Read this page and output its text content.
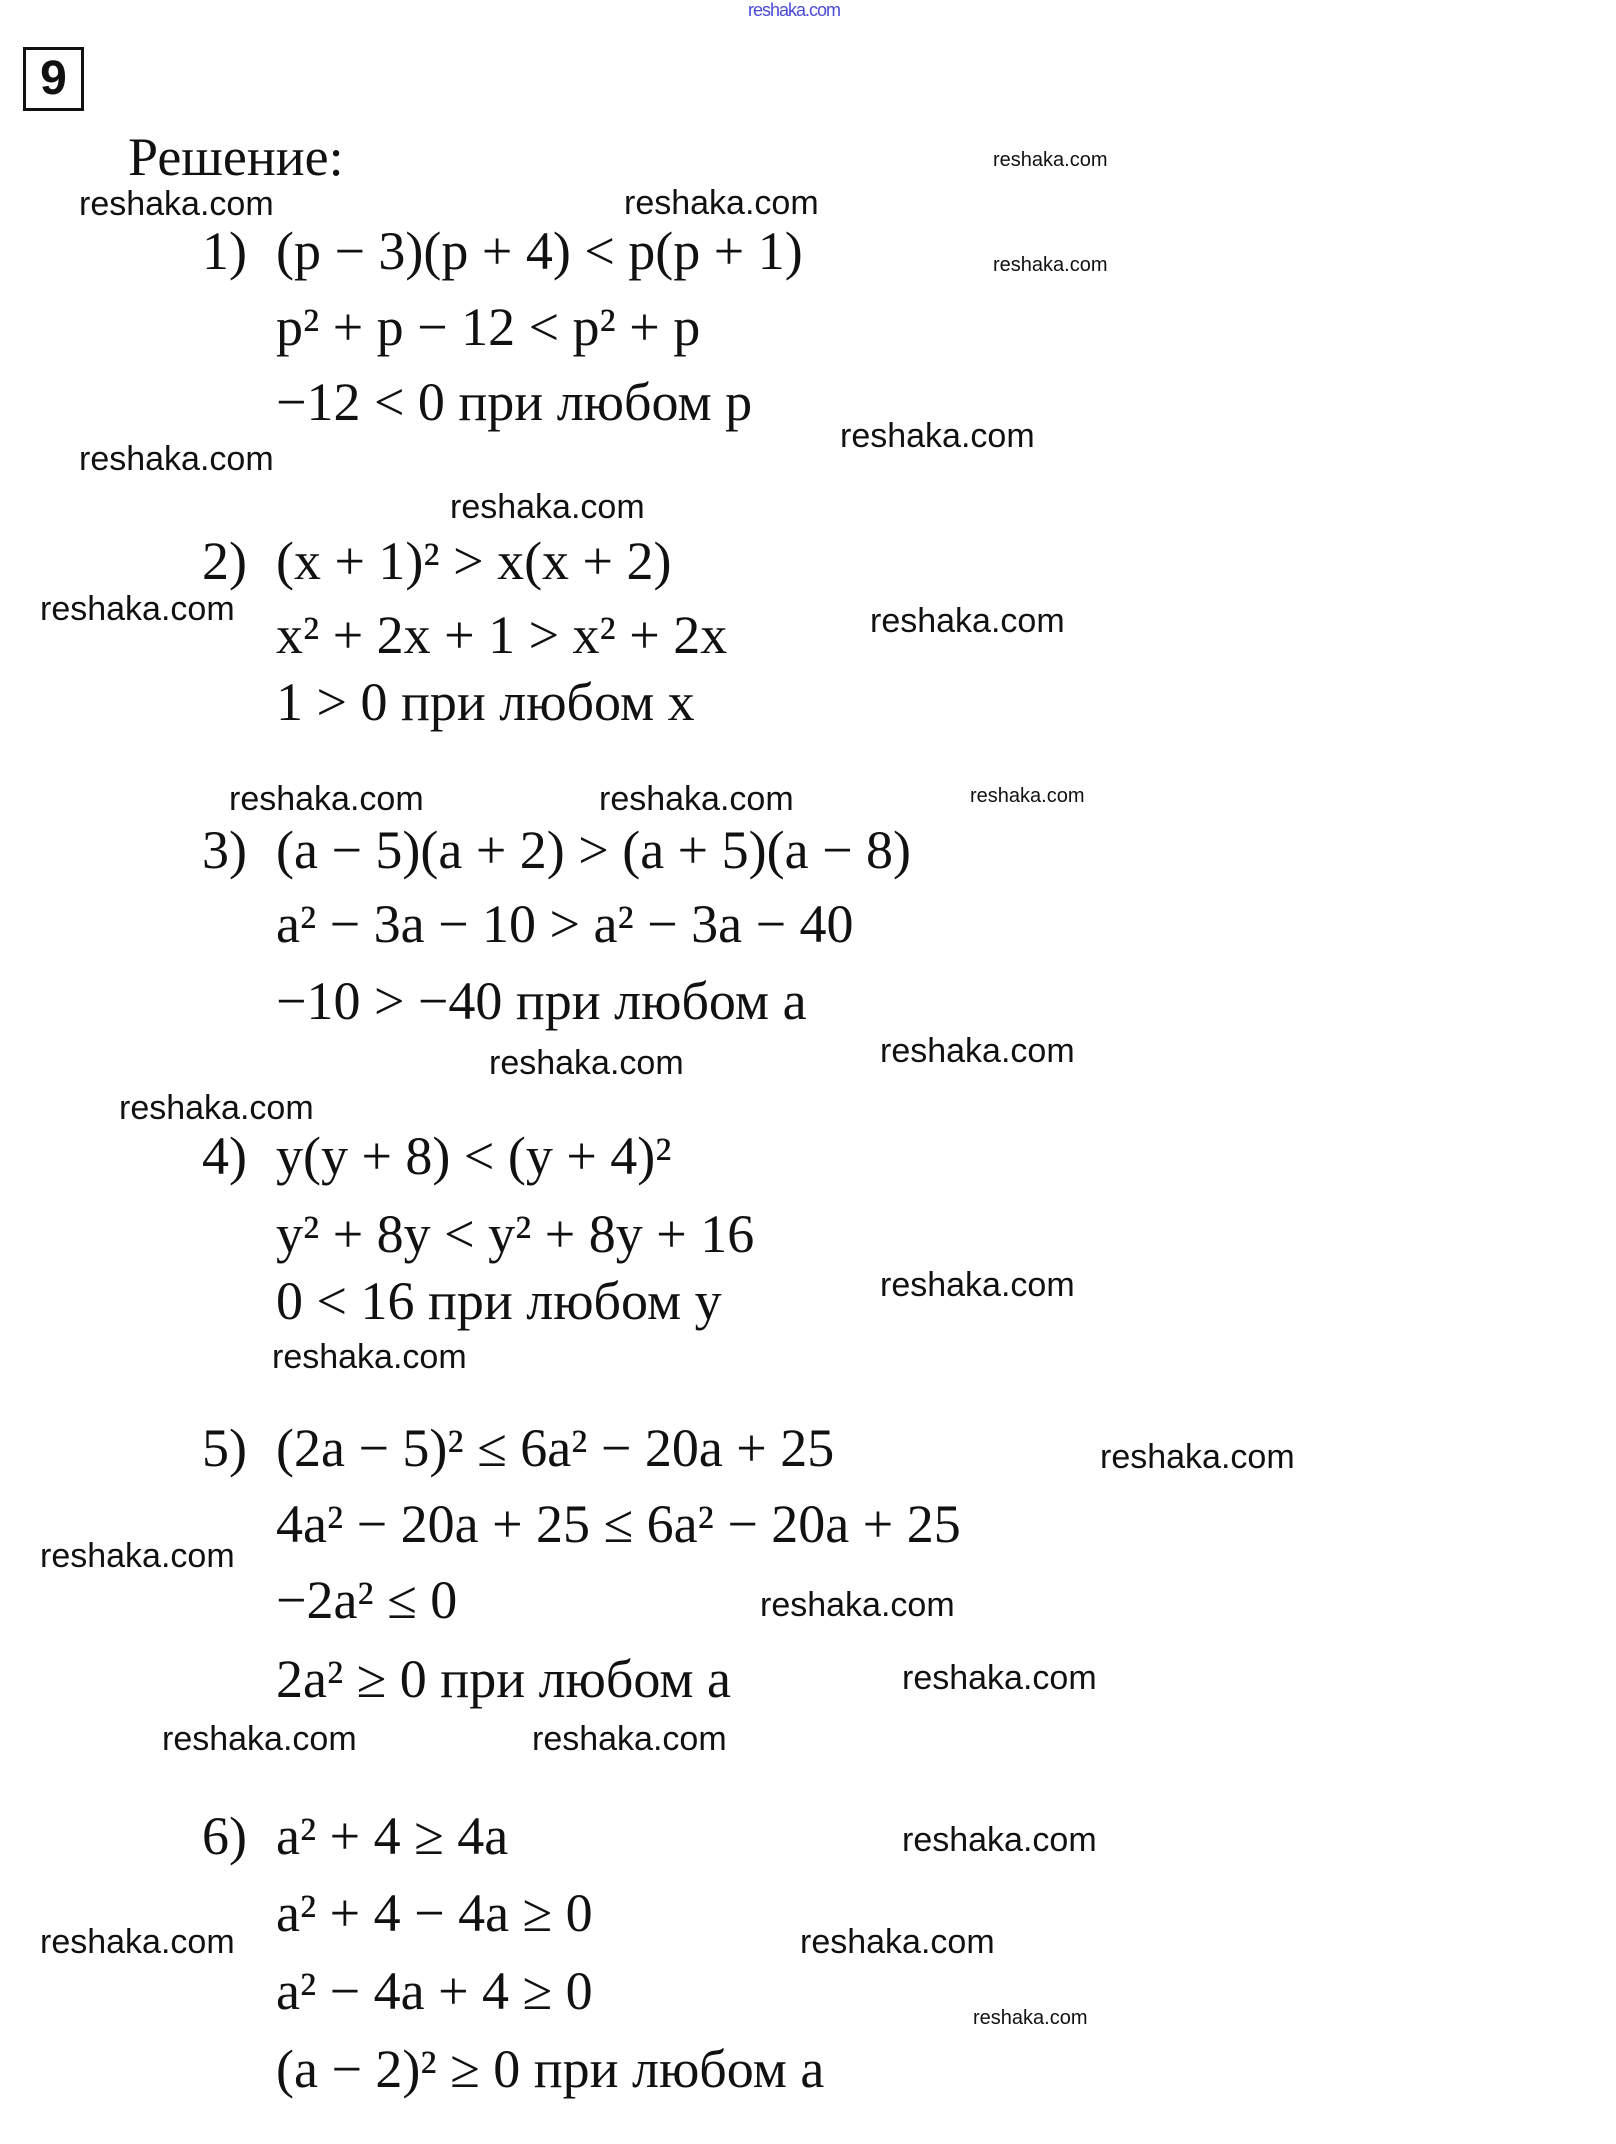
reshaka.com
9
Решение:
1) (p − 3)(p + 4) < p(p + 1)
p² + p − 12 < p² + p
−12 < 0 при любом p
2) (x + 1)² > x(x + 2)
x² + 2x + 1 > x² + 2x
1 > 0 при любом x
3) (a − 5)(a + 2) > (a + 5)(a − 8)
a² − 3a − 10 > a² − 3a − 40
−10 > −40 при любом a
4) y(y + 8) < (y + 4)²
y² + 8y < y² + 8y + 16
0 < 16 при любом y
5) (2a − 5)² ≤ 6a² − 20a + 25
4a² − 20a + 25 ≤ 6a² − 20a + 25
−2a² ≤ 0
2a² ≥ 0 при любом a
6) a² + 4 ≥ 4a
a² + 4 − 4a ≥ 0
a² − 4a + 4 ≥ 0
(a − 2)² ≥ 0 при любом a
reshaka.com
reshaka.com	reshaka.com
reshaka.com
reshaka.com
reshaka.com
reshaka.com
reshaka.com	reshaka.com
reshaka.com	reshaka.com	reshaka.com
reshaka.com
reshaka.com
reshaka.com
reshaka.com
reshaka.com
reshaka.com
reshaka.com
reshaka.com
reshaka.com
reshaka.com	reshaka.com
reshaka.com
reshaka.com	reshaka.com
reshaka.com
